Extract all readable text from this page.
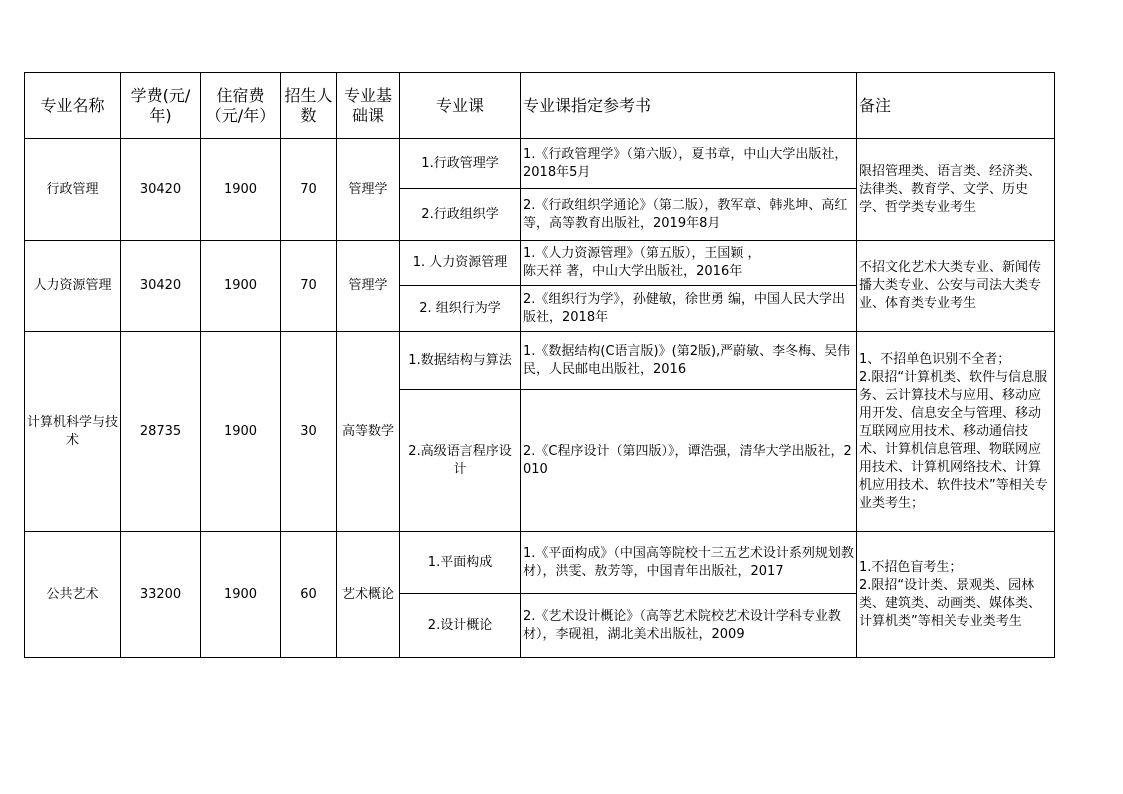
专业名称	学费(元/年)	住宿费（元/年）	招生人数	专业基础课	专业课	专业课指定参考书	备注
行政管理	30420	1900	70	管理学	1.行政管理学	1.《行政管理学》（第六版），夏书章，中山大学出版社，2018年5月	限招管理类、语言类、经济类、法律类、教育学、文学、历史学、哲学类专业考生
					2.行政组织学	2.《行政组织学通论》（第二版），教军章、韩兆坤、高红等，高等教育出版社，2019年8月	
人力资源管理	30420	1900	70	管理学	1. 人力资源管理	1.《人力资源管理》（第五版），王国颖 ，
陈天祥 著，中山大学出版社，2016年	不招文化艺术大类专业、新闻传播大类专业、公安与司法大类专业、体育类专业考生
					2. 组织行为学	2.《组织行为学》，孙健敏，徐世勇 编，中国人民大学出版社，2018年	
计算机科学与技术	28735	1900	30	高等数学	1.数据结构与算法	1.《数据结构(C语言版)》(第2版),严蔚敏、李冬梅、吴伟民，人民邮电出版社，2016	1、不招单色识别不全者；
2.限招“计算机类、软件与信息服务、云计算技术与应用、移动应用开发、信息安全与管理、移动互联网应用技术、移动通信技术、计算机信息管理、物联网应用技术、计算机网络技术、计算机应用技术、软件技术”等相关专业类考生；
					2.高级语言程序设计	2.《C程序设计（第四版）》，谭浩强，清华大学出版社，2010	
公共艺术	33200	1900	60	艺术概论	1.平面构成	1.《平面构成》（中国高等院校十三五艺术设计系列规划教材），洪雯、敖芳等，中国青年出版社，2017	1.不招色盲考生；
2.限招“设计类、景观类、园林类、建筑类、动画类、媒体类、计算机类”等相关专业类考生
					2.设计概论	2.《艺术设计概论》（高等艺术院校艺术设计学科专业教材），李砚祖，湖北美术出版社，2009	
